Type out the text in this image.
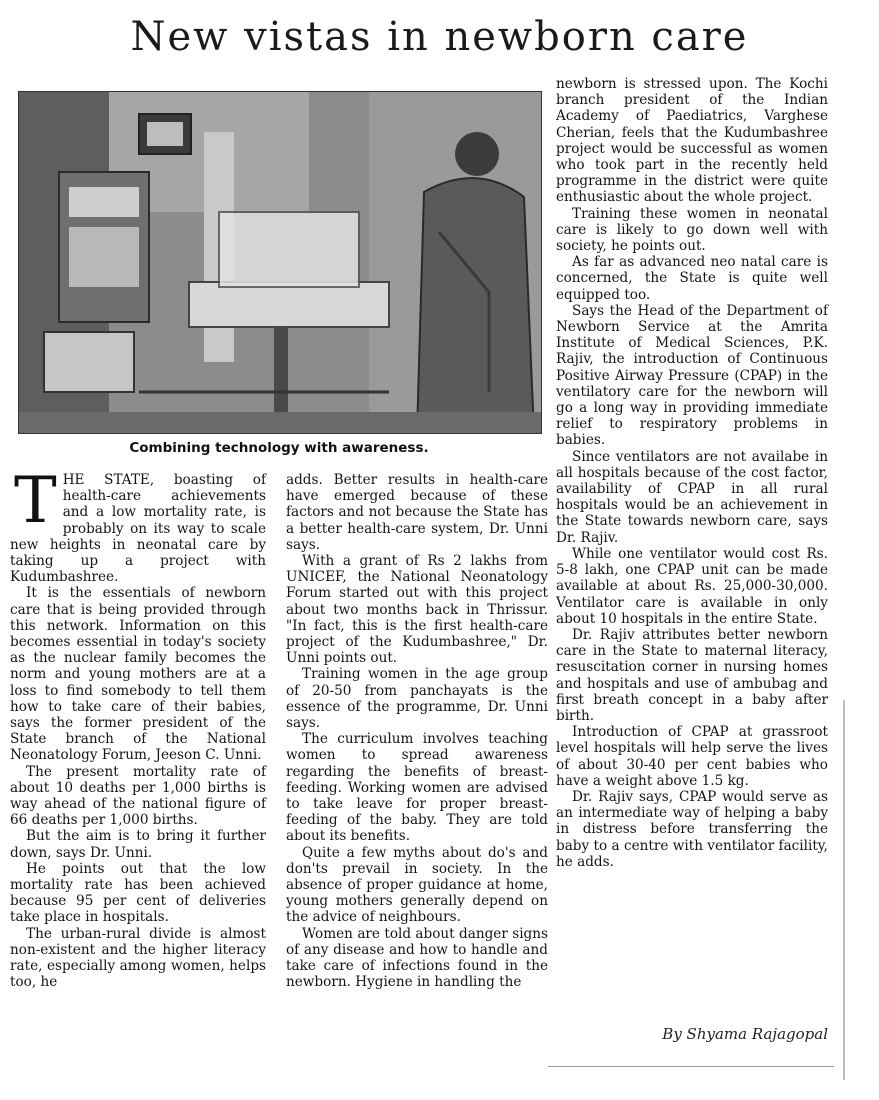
New vistas in newborn care

Combining technology with awareness.

THE STATE, boasting of health-care achievements and a low mortality rate, is probably on its way to scale new heights in neonatal care by taking up a project with Kudumbashree.

It is the essentials of newborn care that is being provided through this network. Information on this becomes essential in today's society as the nuclear family becomes the norm and young mothers are at a loss to find somebody to tell them how to take care of their babies, says the former president of the State branch of the National Neonatology Forum, Jeeson C. Unni.

The present mortality rate of about 10 deaths per 1,000 births is way ahead of the national figure of 66 deaths per 1,000 births.

But the aim is to bring it further down, says Dr. Unni.

He points out that the low mortality rate has been achieved because 95 per cent of deliveries take place in hospitals.

The urban-rural divide is almost non-existent and the higher literacy rate, especially among women, helps too, he

adds. Better results in health-care have emerged because of these factors and not because the State has a better health-care system, Dr. Unni says.

With a grant of Rs 2 lakhs from UNICEF, the National Neonatology Forum started out with this project about two months back in Thrissur. "In fact, this is the first health-care project of the Kudumbashree," Dr. Unni points out.

Training women in the age group of 20-50 from panchayats is the essence of the programme, Dr. Unni says.

The curriculum involves teaching women to spread awareness regarding the benefits of breast-feeding. Working women are advised to take leave for proper breast-feeding of the baby. They are told about its benefits.

Quite a few myths about do's and don'ts prevail in society. In the absence of proper guidance at home, young mothers generally depend on the advice of neighbours.

Women are told about danger signs of any disease and how to handle and take care of infections found in the newborn. Hygiene in handling the

newborn is stressed upon. The Kochi branch president of the Indian Academy of Paediatrics, Varghese Cherian, feels that the Kudumbashree project would be successful as women who took part in the recently held programme in the district were quite enthusiastic about the whole project.

Training these women in neonatal care is likely to go down well with society, he points out.

As far as advanced neo natal care is concerned, the State is quite well equipped too.

Says the Head of the Department of Newborn Service at the Amrita Institute of Medical Sciences, P.K. Rajiv, the introduction of Continuous Positive Airway Pressure (CPAP) in the ventilatory care for the newborn will go a long way in providing immediate relief to respiratory problems in babies.

Since ventilators are not availabe in all hospitals because of the cost factor, availability of CPAP in all rural hospitals would be an achievement in the State towards newborn care, says Dr. Rajiv.

While one ventilator would cost Rs. 5-8 lakh, one CPAP unit can be made available at about Rs. 25,000-30,000. Ventilator care is available in only about 10 hospitals in the entire State.

Dr. Rajiv attributes better newborn care in the State to maternal literacy, resuscitation corner in nursing homes and hospitals and use of ambubag and first breath concept in a baby after birth.

Introduction of CPAP at grassroot level hospitals will help serve the lives of about 30-40 per cent babies who have a weight above 1.5 kg.

Dr. Rajiv says, CPAP would serve as an intermediate way of helping a baby in distress before transferring the baby to a centre with ventilator facility, he adds.

By Shyama Rajagopal
